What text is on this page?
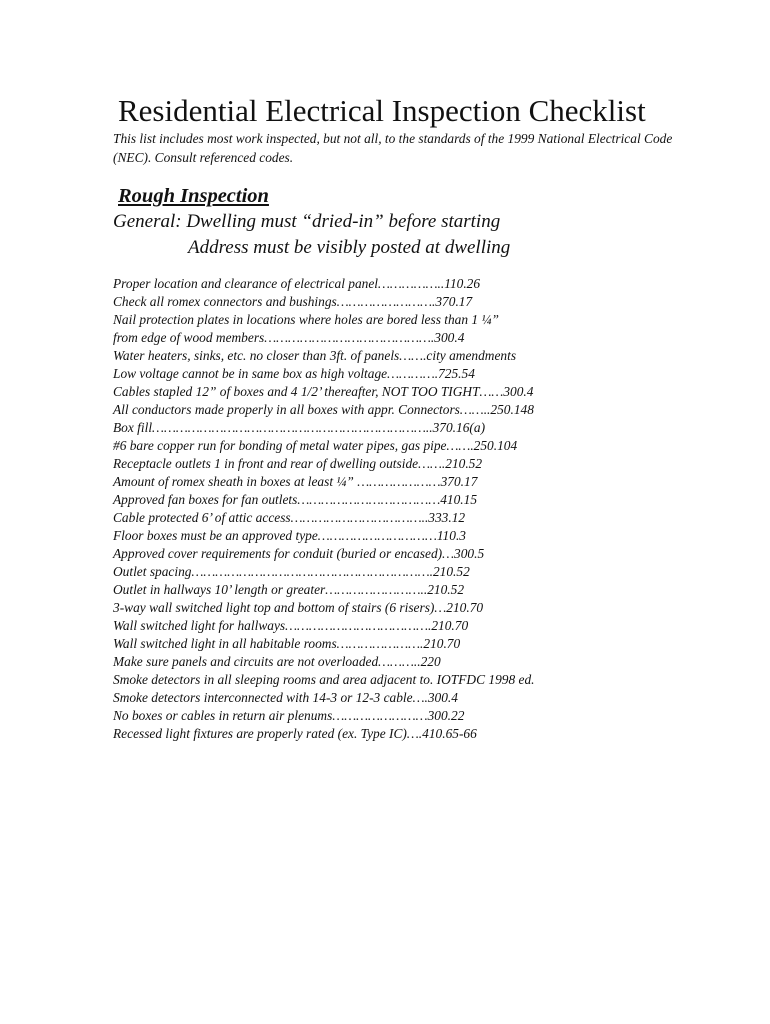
Residential Electrical Inspection Checklist

This list includes most work inspected, but not all, to the standards of the 1999 National Electrical Code (NEC). Consult referenced codes.

Rough Inspection
General: Dwelling must “dried-in” before starting
Address must be visibly posted at dwelling
Proper location and clearance of electrical panel……………..110.26
Check all romex connectors and bushings…………………….370.17
Nail protection plates in locations where holes are bored less than 1 ¼”
from edge of wood members…………………………………….300.4
Water heaters, sinks, etc. no closer than 3ft. of panels…….city amendments
Low voltage cannot be in same box as high voltage………….725.54
Cables stapled 12” of boxes and 4 1/2’ thereafter, NOT TOO TIGHT……300.4
All conductors made properly in all boxes with appr. Connectors……..250.148
Box fill……………………………………………………………..370.16(a)
#6 bare copper run for bonding of metal water pipes, gas pipe…….250.104
Receptacle outlets 1 in front and rear of dwelling outside…….210.52
Amount of romex sheath in boxes at least ¼” …………………370.17
Approved fan boxes for fan outlets………………………………410.15
Cable protected 6’ of attic access……………………………..333.12
Floor boxes must be an approved type…………………………110.3
Approved cover requirements for conduit (buried or encased)…300.5
Outlet spacing…………………………………………………….210.52
Outlet in hallways 10’ length or greater……………………..210.52
3-way wall switched light top and bottom of stairs (6 risers)…210.70
Wall switched light for hallways……………………………….210.70
Wall switched light in all habitable rooms………………….210.70
Make sure panels and circuits are not overloaded………..220
Smoke detectors in all sleeping rooms and area adjacent to. IOTFDC 1998 ed.
Smoke detectors interconnected with 14-3 or 12-3 cable….300.4
No boxes or cables in return air plenums……………………300.22
Recessed light fixtures are properly rated (ex. Type IC)….410.65-66
